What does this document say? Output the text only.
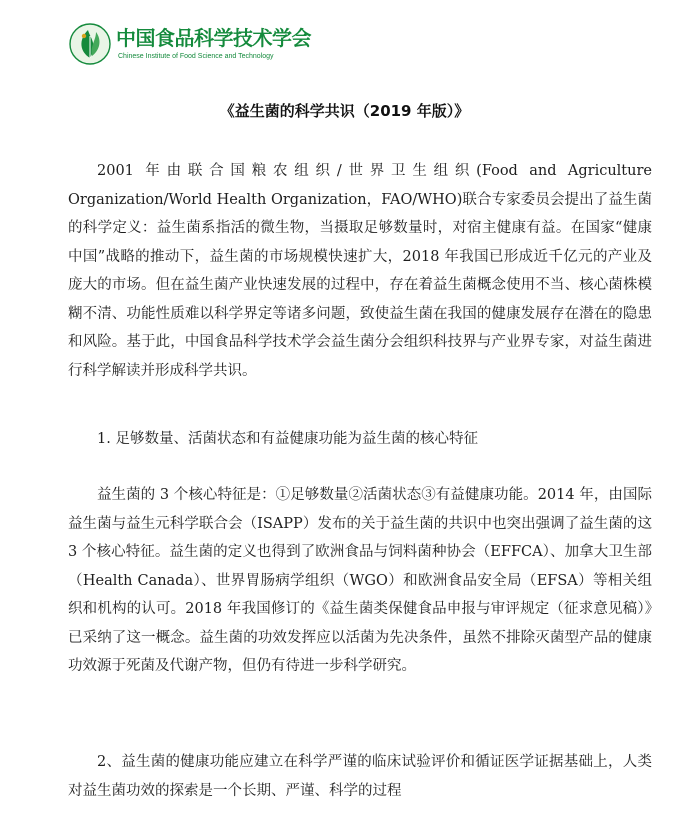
中国食品科学技术学会
Chinese Institute of Food Science and Technology
《益生菌的科学共识（2019 年版）》

2001 年由联合国粮农组织/世界卫生组织(Food and Agriculture Organization/World Health Organization，FAO/WHO)联合专家委员会提出了益生菌的科学定义：益生菌系指活的微生物，当摄取足够数量时，对宿主健康有益。在国家“健康中国”战略的推动下，益生菌的市场规模快速扩大，2018 年我国已形成近千亿元的产业及庞大的市场。但在益生菌产业快速发展的过程中，存在着益生菌概念使用不当、核心菌株模糊不清、功能性质难以科学界定等诸多问题，致使益生菌在我国的健康发展存在潜在的隐患和风险。基于此，中国食品科学技术学会益生菌分会组织科技界与产业界专家，对益生菌进行科学解读并形成科学共识。

1. 足够数量、活菌状态和有益健康功能为益生菌的核心特征

益生菌的 3 个核心特征是：①足够数量②活菌状态③有益健康功能。2014 年，由国际益生菌与益生元科学联合会（ISAPP）发布的关于益生菌的共识中也突出强调了益生菌的这 3 个核心特征。益生菌的定义也得到了欧洲食品与饲料菌种协会（EFFCA）、加拿大卫生部（Health Canada）、世界胃肠病学组织（WGO）和欧洲食品安全局（EFSA）等相关组织和机构的认可。2018 年我国修订的《益生菌类保健食品申报与审评规定（征求意见稿）》已采纳了这一概念。益生菌的功效发挥应以活菌为先决条件，虽然不排除灭菌型产品的健康功效源于死菌及代谢产物，但仍有待进一步科学研究。

2、益生菌的健康功能应建立在科学严谨的临床试验评价和循证医学证据基础上，人类对益生菌功效的探索是一个长期、严谨、科学的过程
